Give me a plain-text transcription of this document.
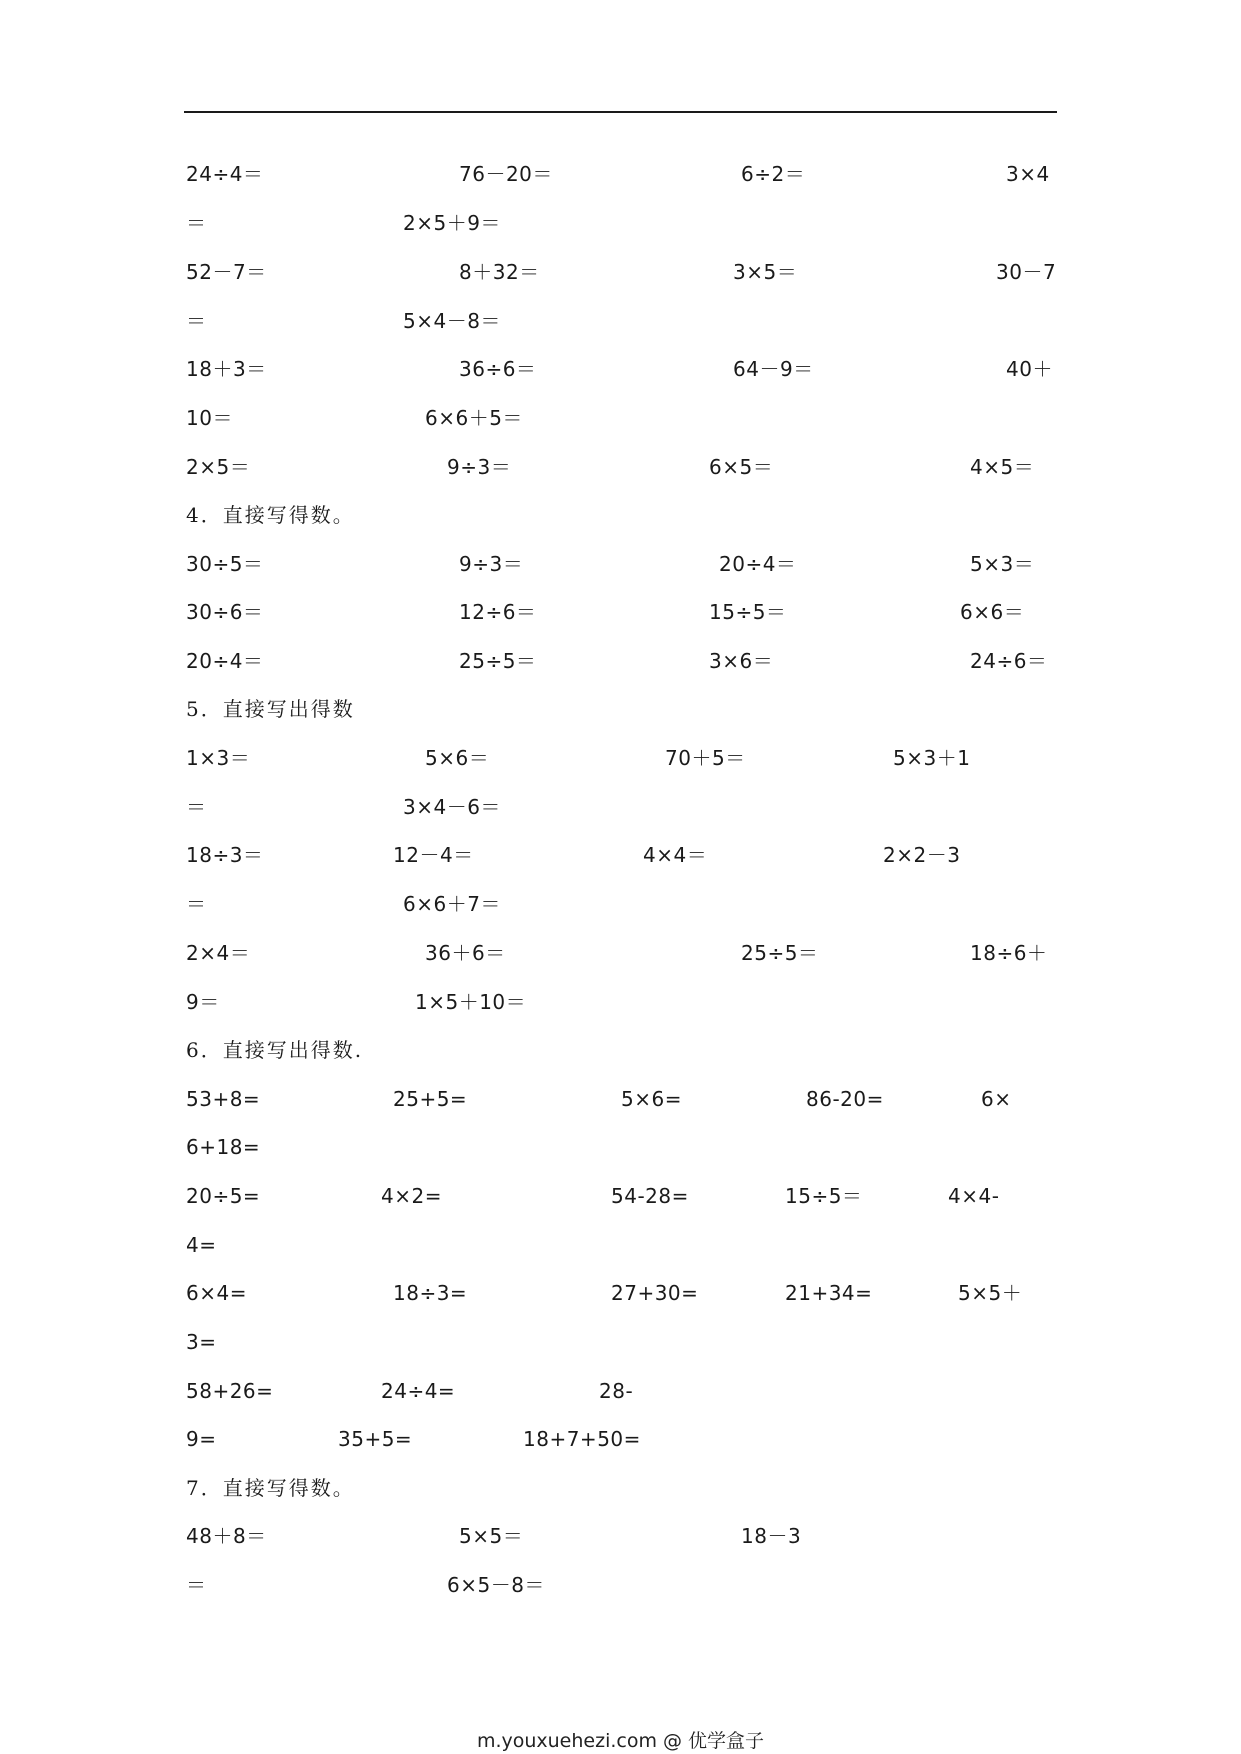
24÷4＝	76－20＝	6÷2＝	3×4
＝	2×5＋9＝
52－7＝	8＋32＝	3×5＝	30－7
＝	5×4－8＝
18＋3＝	36÷6＝	64－9＝	40＋
10＝	6×6＋5＝
2×5＝	9÷3＝	6×5＝	4×5＝
4．直接写得数。
30÷5＝	9÷3＝	20÷4＝	5×3＝
30÷6＝	12÷6＝	15÷5＝	6×6＝
20÷4＝	25÷5＝	3×6＝	24÷6＝
5．直接写出得数
1×3＝	5×6＝	70＋5＝	5×3＋1
＝	3×4－6＝
18÷3＝	12－4＝	4×4＝	2×2－3
＝	6×6＋7＝
2×4＝	36＋6＝	25÷5＝	18÷6＋
9＝	1×5＋10＝
6．直接写出得数.
53+8=	25+5=	5×6=	86-20=	6×
6+18=
20÷5=	4×2=	54-28=	15÷5＝	4×4-
4=
6×4=	18÷3=	27+30=	21+34=	5×5＋
3=
58+26=	24÷4=	28-
9=	35+5=	18+7+50=
7．直接写得数。
48＋8＝	5×5＝	18－3
＝	6×5－8＝
m.youxuehezi.com @ 优学盒子
